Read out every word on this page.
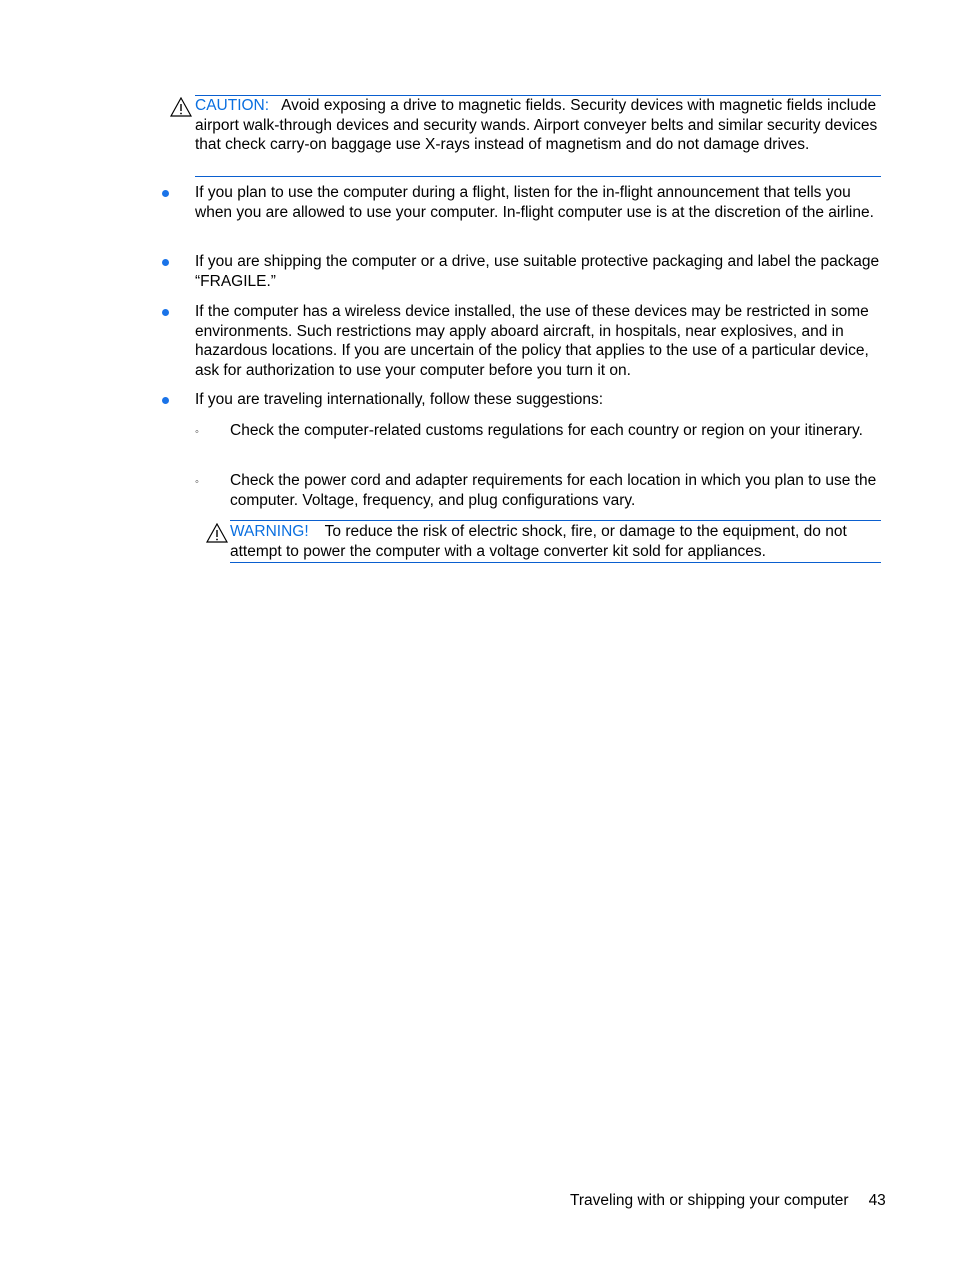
CAUTION: Avoid exposing a drive to magnetic fields. Security devices with magnetic fields include airport walk-through devices and security wands. Airport conveyer belts and similar security devices that check carry-on baggage use X-rays instead of magnetism and do not damage drives.
If you plan to use the computer during a flight, listen for the in-flight announcement that tells you when you are allowed to use your computer. In-flight computer use is at the discretion of the airline.
If you are shipping the computer or a drive, use suitable protective packaging and label the package “FRAGILE.”
If the computer has a wireless device installed, the use of these devices may be restricted in some environments. Such restrictions may apply aboard aircraft, in hospitals, near explosives, and in hazardous locations. If you are uncertain of the policy that applies to the use of a particular device, ask for authorization to use your computer before you turn it on.
If you are traveling internationally, follow these suggestions:
◦ Check the computer-related customs regulations for each country or region on your itinerary.
◦ Check the power cord and adapter requirements for each location in which you plan to use the computer. Voltage, frequency, and plug configurations vary.
WARNING! To reduce the risk of electric shock, fire, or damage to the equipment, do not attempt to power the computer with a voltage converter kit sold for appliances.
Traveling with or shipping your computer 43
